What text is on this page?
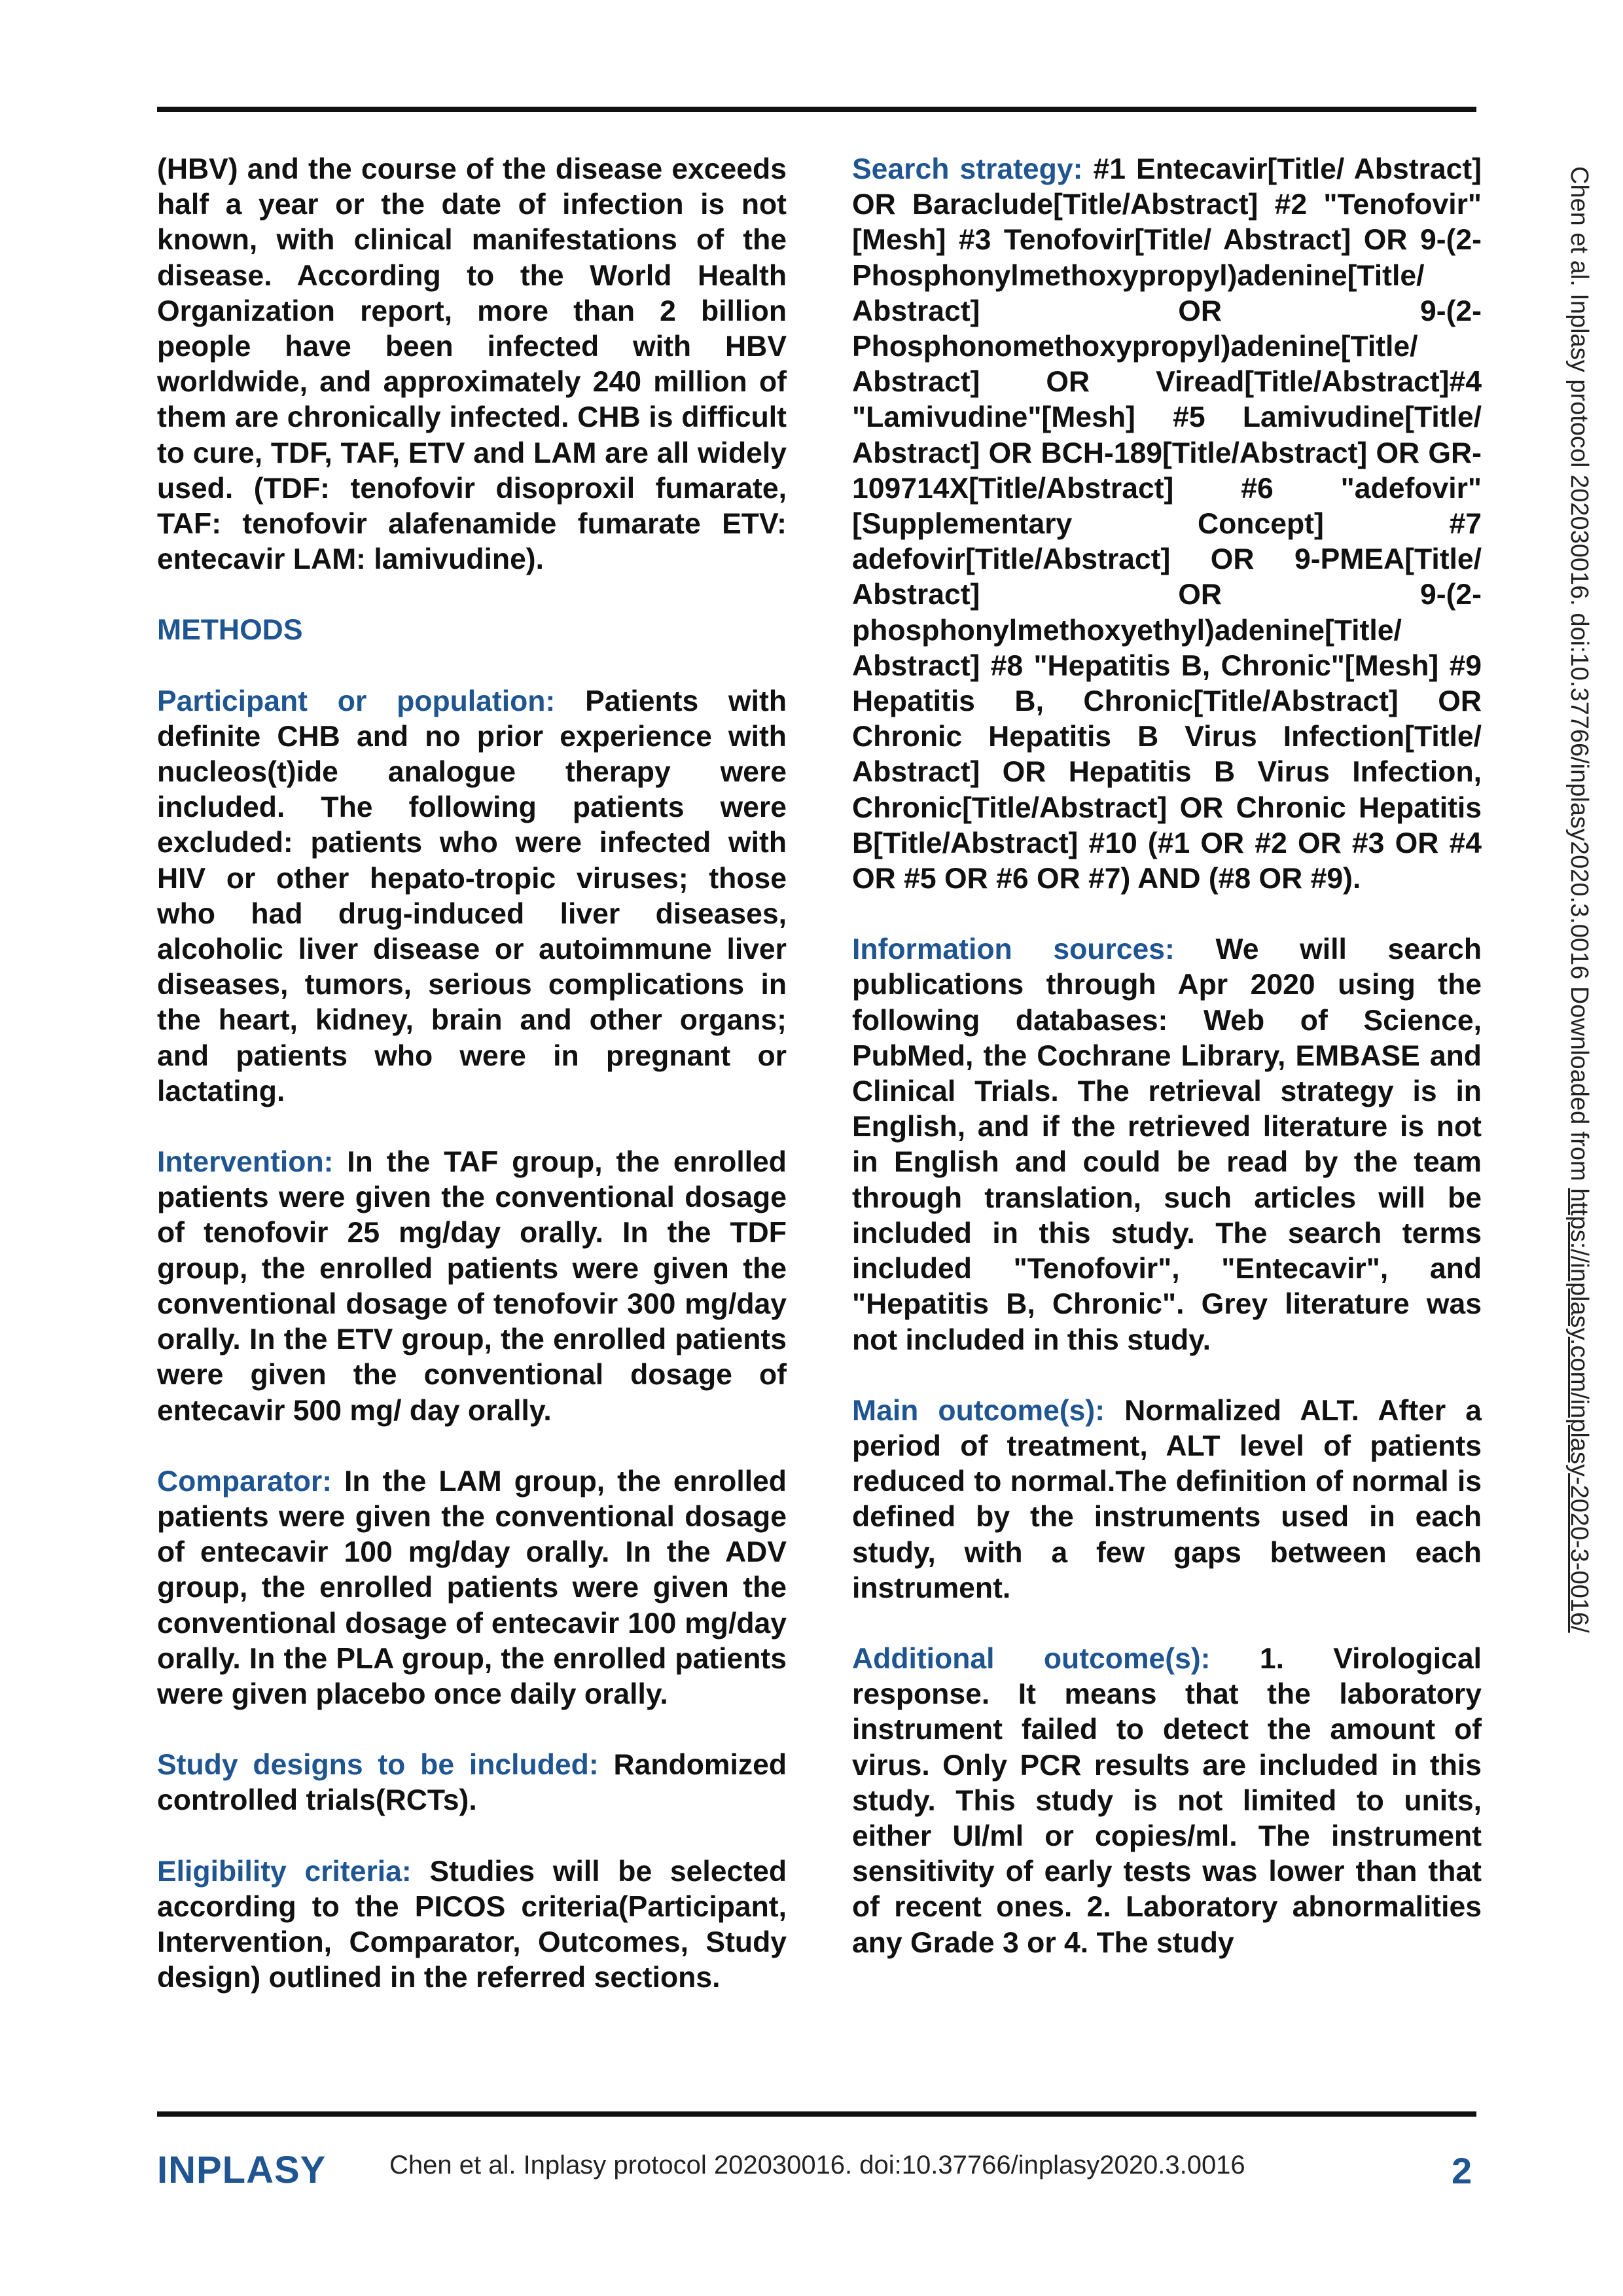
(HBV) and the course of the disease exceeds half a year or the date of infection is not known, with clinical manifestations of the disease. According to the World Health Organization report, more than 2 billion people have been infected with HBV worldwide, and approximately 240 million of them are chronically infected. CHB is difficult to cure, TDF, TAF, ETV and LAM are all widely used. (TDF: tenofovir disoproxil fumarate, TAF: tenofovir alafenamide fumarate ETV: entecavir LAM: lamivudine).

METHODS

Participant or population: Patients with definite CHB and no prior experience with nucleos(t)ide analogue therapy were included. The following patients were excluded: patients who were infected with HIV or other hepato-tropic viruses; those who had drug-induced liver diseases, alcoholic liver disease or autoimmune liver diseases, tumors, serious complications in the heart, kidney, brain and other organs; and patients who were in pregnant or lactating.

Intervention: In the TAF group, the enrolled patients were given the conventional dosage of tenofovir 25 mg/day orally. In the TDF group, the enrolled patients were given the conventional dosage of tenofovir 300 mg/day orally. In the ETV group, the enrolled patients were given the conventional dosage of entecavir 500 mg/ day orally.

Comparator: In the LAM group, the enrolled patients were given the conventional dosage of entecavir 100 mg/day orally. In the ADV group, the enrolled patients were given the conventional dosage of entecavir 100 mg/day orally. In the PLA group, the enrolled patients were given placebo once daily orally.

Study designs to be included: Randomized controlled trials(RCTs).

Eligibility criteria: Studies will be selected according to the PICOS criteria(Participant, Intervention, Comparator, Outcomes, Study design) outlined in the referred sections.

Search strategy: #1 Entecavir[Title/ Abstract] OR Baraclude[Title/Abstract] #2 "Tenofovir"[Mesh] #3 Tenofovir[Title/ Abstract] OR 9-(2- Phosphonylmethoxypropyl)adenine[Title/ Abstract] OR 9-(2- Phosphonomethoxypropyl)adenine[Title/ Abstract] OR Viread[Title/Abstract]#4 "Lamivudine"[Mesh] #5 Lamivudine[Title/ Abstract] OR BCH-189[Title/Abstract] OR GR-109714X[Title/Abstract] #6 "adefovir" [Supplementary Concept] #7 adefovir[Title/Abstract] OR 9-PMEA[Title/ Abstract] OR 9-(2- phosphonylmethoxyethyl)adenine[Title/ Abstract] #8 "Hepatitis B, Chronic"[Mesh] #9 Hepatitis B, Chronic[Title/Abstract] OR Chronic Hepatitis B Virus Infection[Title/ Abstract] OR Hepatitis B Virus Infection, Chronic[Title/Abstract] OR Chronic Hepatitis B[Title/Abstract] #10 (#1 OR #2 OR #3 OR #4 OR #5 OR #6 OR #7) AND (#8 OR #9).

Information sources: We will search publications through Apr 2020 using the following databases: Web of Science, PubMed, the Cochrane Library, EMBASE and Clinical Trials. The retrieval strategy is in English, and if the retrieved literature is not in English and could be read by the team through translation, such articles will be included in this study. The search terms included "Tenofovir", "Entecavir", and "Hepatitis B, Chronic". Grey literature was not included in this study.

Main outcome(s): Normalized ALT. After a period of treatment, ALT level of patients reduced to normal.The definition of normal is defined by the instruments used in each study, with a few gaps between each instrument.

Additional outcome(s): 1. Virological response. It means that the laboratory instrument failed to detect the amount of virus. Only PCR results are included in this study. This study is not limited to units, either UI/ml or copies/ml. The instrument sensitivity of early tests was lower than that of recent ones. 2. Laboratory abnormalities any Grade 3 or 4. The study

Chen et al. Inplasy protocol 202030016. doi:10.37766/inplasy2020.3.0016 Downloaded from https://inplasy.com/inplasy-2020-3-0016/
INPLASY Chen et al. Inplasy protocol 202030016. doi:10.37766/inplasy2020.3.0016	2
